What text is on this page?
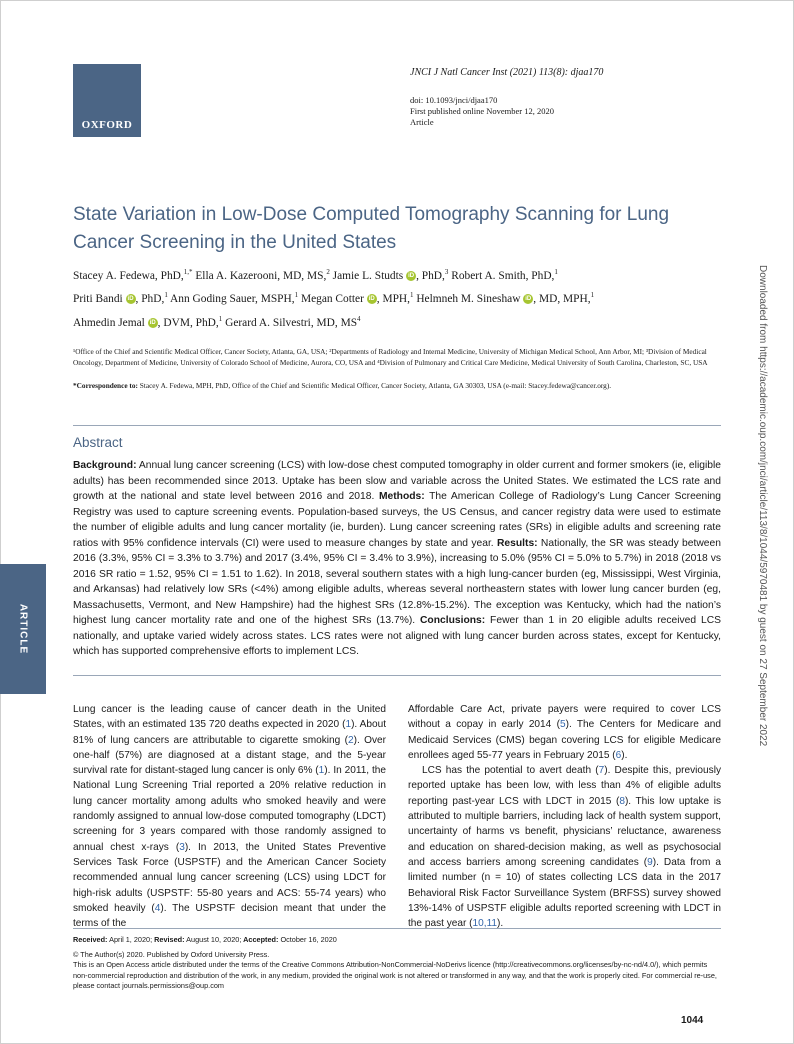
OXFORD
JNCI J Natl Cancer Inst (2021) 113(8): djaa170
doi: 10.1093/jnci/djaa170
First published online November 12, 2020
Article
State Variation in Low-Dose Computed Tomography Scanning for Lung Cancer Screening in the United States
Stacey A. Fedewa, PhD,$^{1,*}$ Ella A. Kazerooni, MD, MS,$^2$ Jamie L. Studts iD , PhD,$^3$ Robert A. Smith, PhD,$^1$
Priti Bandi iD , PhD,$^1$ Ann Goding Sauer, MSPH,$^1$ Megan Cotter iD , MPH,$^1$ Helmneh M. Sineshaw iD , MD, MPH,$^1$
Ahmedin Jemal iD , DVM, PhD,$^1$ Gerard A. Silvestri, MD, $MS^4$
¹Office of the Chief and Scientific Medical Officer, Cancer Society, Atlanta, GA, USA; ²Departments of Radiology and Internal Medicine, University of Michigan Medical School, Ann Arbor, MI; ³Division of Medical Oncology, Department of Medicine, University of Colorado School of Medicine, Aurora, CO, USA and ⁴Division of Pulmonary and Critical Care Medicine, Medical University of South Carolina, Charleston, SC, USA
*Correspondence to: Stacey A. Fedewa, MPH, PhD, Office of the Chief and Scientific Medical Officer, Cancer Society, Atlanta, GA 30303, USA (e-mail: Stacey.fedewa@cancer.org).
Abstract
Background: Annual lung cancer screening (LCS) with low-dose chest computed tomography in older current and former smokers (ie, eligible adults) has been recommended since 2013. Uptake has been slow and variable across the United States. We estimated the LCS rate and growth at the national and state level between 2016 and 2018. Methods: The American College of Radiology’s Lung Cancer Screening Registry was used to capture screening events. Population-based surveys, the US Census, and cancer registry data were used to estimate the number of eligible adults and lung cancer mortality (ie, burden). Lung cancer screening rates (SRs) in eligible adults and screening rate ratios with 95% confidence intervals (CI) were used to measure changes by state and year. Results: Nationally, the SR was steady between 2016 (3.3%, 95% CI = 3.3% to 3.7%) and 2017 (3.4%, 95% CI = 3.4% to 3.9%), increasing to 5.0% (95% CI = 5.0% to 5.7%) in 2018 (2018 vs 2016 SR ratio = 1.52, 95% CI = 1.51 to 1.62). In 2018, several southern states with a high lung-cancer burden (eg, Mississippi, West Virginia, and Arkansas) had relatively low SRs (<4%) among eligible adults, whereas several northeastern states with lower lung cancer burden (eg, Massachusetts, Vermont, and New Hampshire) had the highest SRs (12.8%-15.2%). The exception was Kentucky, which had the nation’s highest lung cancer mortality rate and one of the highest SRs (13.7%). Conclusions: Fewer than 1 in 20 eligible adults received LCS nationally, and uptake varied widely across states. LCS rates were not aligned with lung cancer burden across states, except for Kentucky, which has supported comprehensive efforts to implement LCS.
ARTICLE

Lung cancer is the leading cause of cancer death in the United States, with an estimated 135 720 deaths expected in 2020 (1). About 81% of lung cancers are attributable to cigarette smoking (2). Over one-half (57%) are diagnosed at a distant stage, and the 5-year survival rate for distant-staged lung cancer is only 6% (1). In 2011, the National Lung Screening Trial reported a 20% relative reduction in lung cancer mortality among adults who smoked heavily and were randomly assigned to annual low-dose computed tomography (LDCT) screening for 3 years compared with those randomly assigned to annual chest x-rays (3). In 2013, the United States Preventive Services Task Force (USPSTF) and the American Cancer Society recommended annual lung cancer screening (LCS) using LDCT for high-risk adults (USPSTF: 55-80 years and ACS: 55-74 years) who smoked heavily (4). The USPSTF decision meant that under the terms of the

Affordable Care Act, private payers were required to cover LCS without a copay in early 2014 (5). The Centers for Medicare and Medicaid Services (CMS) began covering LCS for eligible Medicare enrollees aged 55-77 years in February 2015 (6).

LCS has the potential to avert death (7). Despite this, previously reported uptake has been low, with less than 4% of eligible adults reporting past-year LCS with LDCT in 2015 (8). This low uptake is attributed to multiple barriers, including lack of health system support, uncertainty of harms vs benefit, physicians’ reluctance, awareness and education on shared-decision making, as well as psychosocial and access barriers among screening candidates (9). Data from a limited number (n = 10) of states collecting LCS data in the 2017 Behavioral Risk Factor Surveillance System (BRFSS) survey showed 13%-14% of USPSTF eligible adults reported screening with LDCT in the past year (10,11).

Received: April 1, 2020; Revised: August 10, 2020; Accepted: October 16, 2020
© The Author(s) 2020. Published by Oxford University Press.
This is an Open Access article distributed under the terms of the Creative Commons Attribution-NonCommercial-NoDerivs licence (http://creativecommons.org/licenses/by-nc-nd/4.0/), which permits non-commercial reproduction and distribution of the work, in any medium, provided the original work is not altered or transformed in any way, and that the work is properly cited. For commercial re-use, please contact journals.permissions@oup.com
1044
Downloaded from https://academic.oup.com/jnci/article/113/8/1044/5970481 by guest on 27 September 2022
